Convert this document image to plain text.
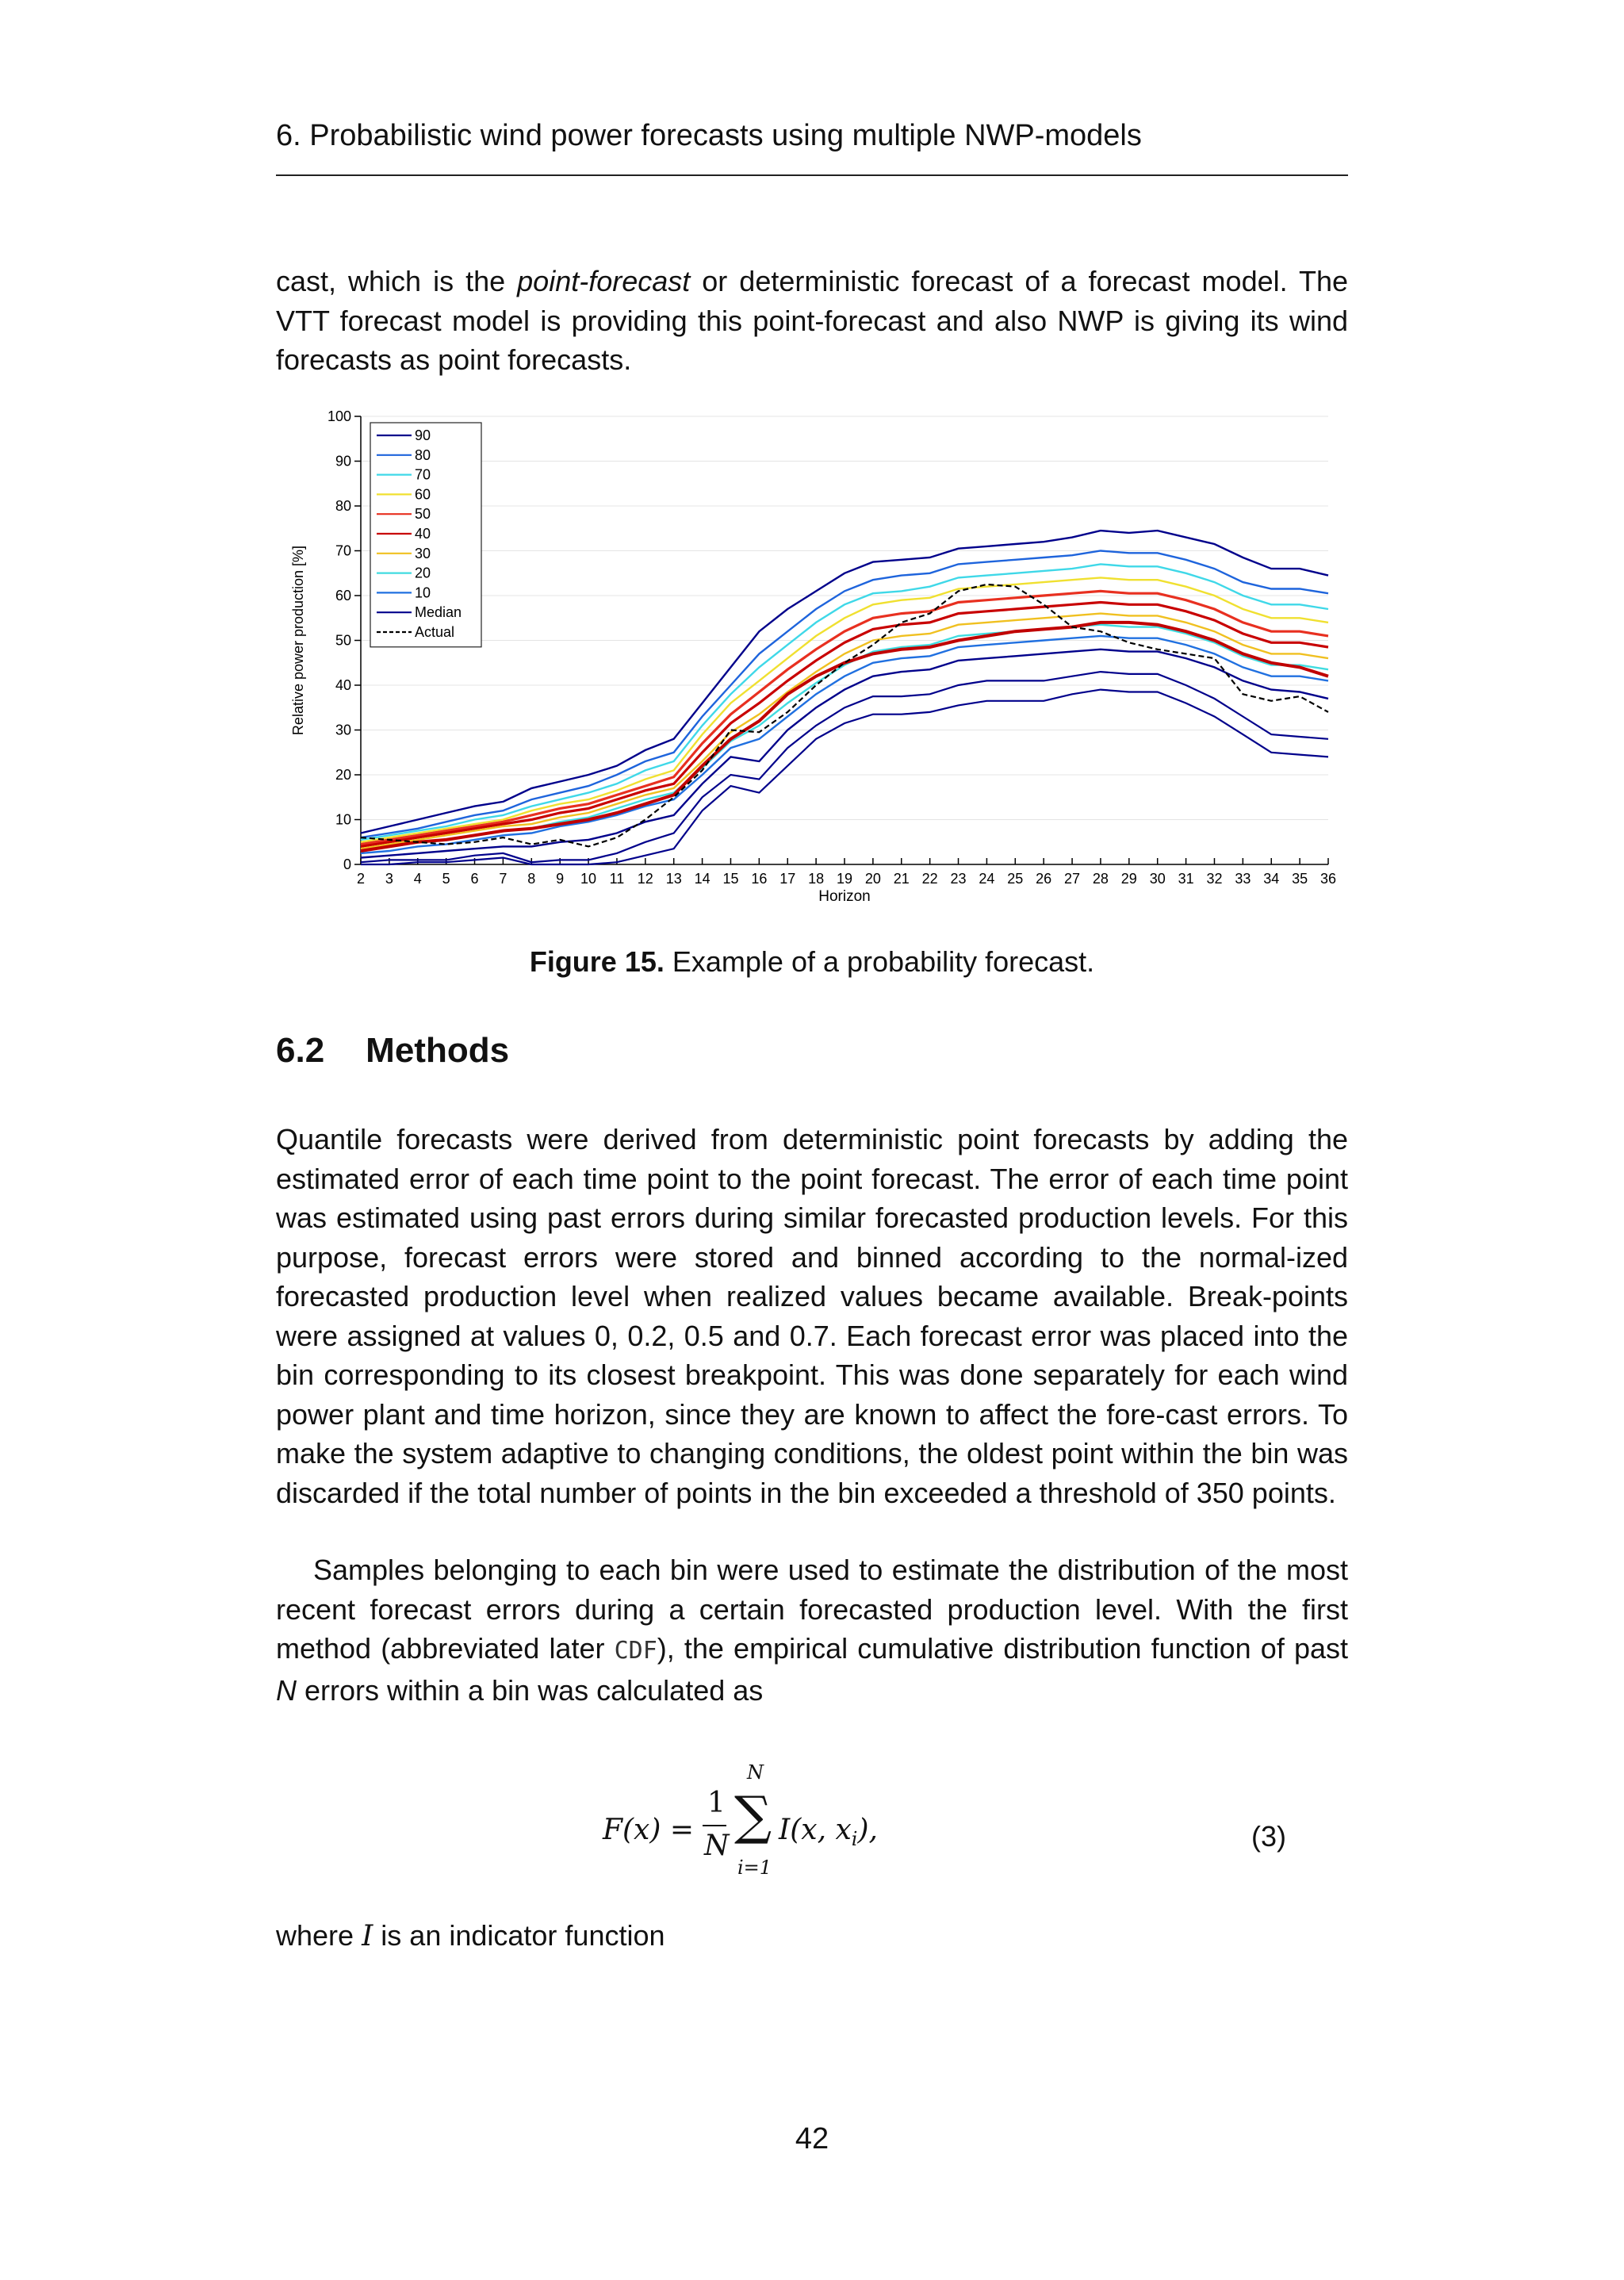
6. Probabilistic wind power forecasts using multiple NWP-models

cast, which is the point-forecast or deterministic forecast of a forecast model. The VTT forecast model is providing this point-forecast and also NWP is giving its wind forecasts as point forecasts.

0
10
20
30
40
50
60
70
80
90
100
2 3 4 5 6 7 8 9 10 11 12 13 14 15 16 17 18 19 20 21 22 23 24 25 26 27 28 29 30 31 32 33 34 35 36
Horizon
Relative power production [%]
90
80
70
60
50
40
30
20
10
Median
Actual
Figure 15. Example of a probability forecast.
6.2 Methods

Quantile forecasts were derived from deterministic point forecasts by adding the estimated error of each time point to the point forecast. The error of each time point was estimated using past errors during similar forecasted production levels. For this purpose, forecast errors were stored and binned according to the normal-ized forecasted production level when realized values became available. Break-points were assigned at values 0, 0.2, 0.5 and 0.7. Each forecast error was placed into the bin corresponding to its closest breakpoint. This was done separately for each wind power plant and time horizon, since they are known to affect the fore-cast errors. To make the system adaptive to changing conditions, the oldest point within the bin was discarded if the total number of points in the bin exceeded a threshold of 350 points.

Samples belonging to each bin were used to estimate the distribution of the most recent forecast errors during a certain forecasted production level. With the first method (abbreviated later CDF), the empirical cumulative distribution function of past N errors within a bin was calculated as

F(x) =
1
N
N
∑
i=1
I(x, $x_i$),	(3)
where I is an indicator function
42
